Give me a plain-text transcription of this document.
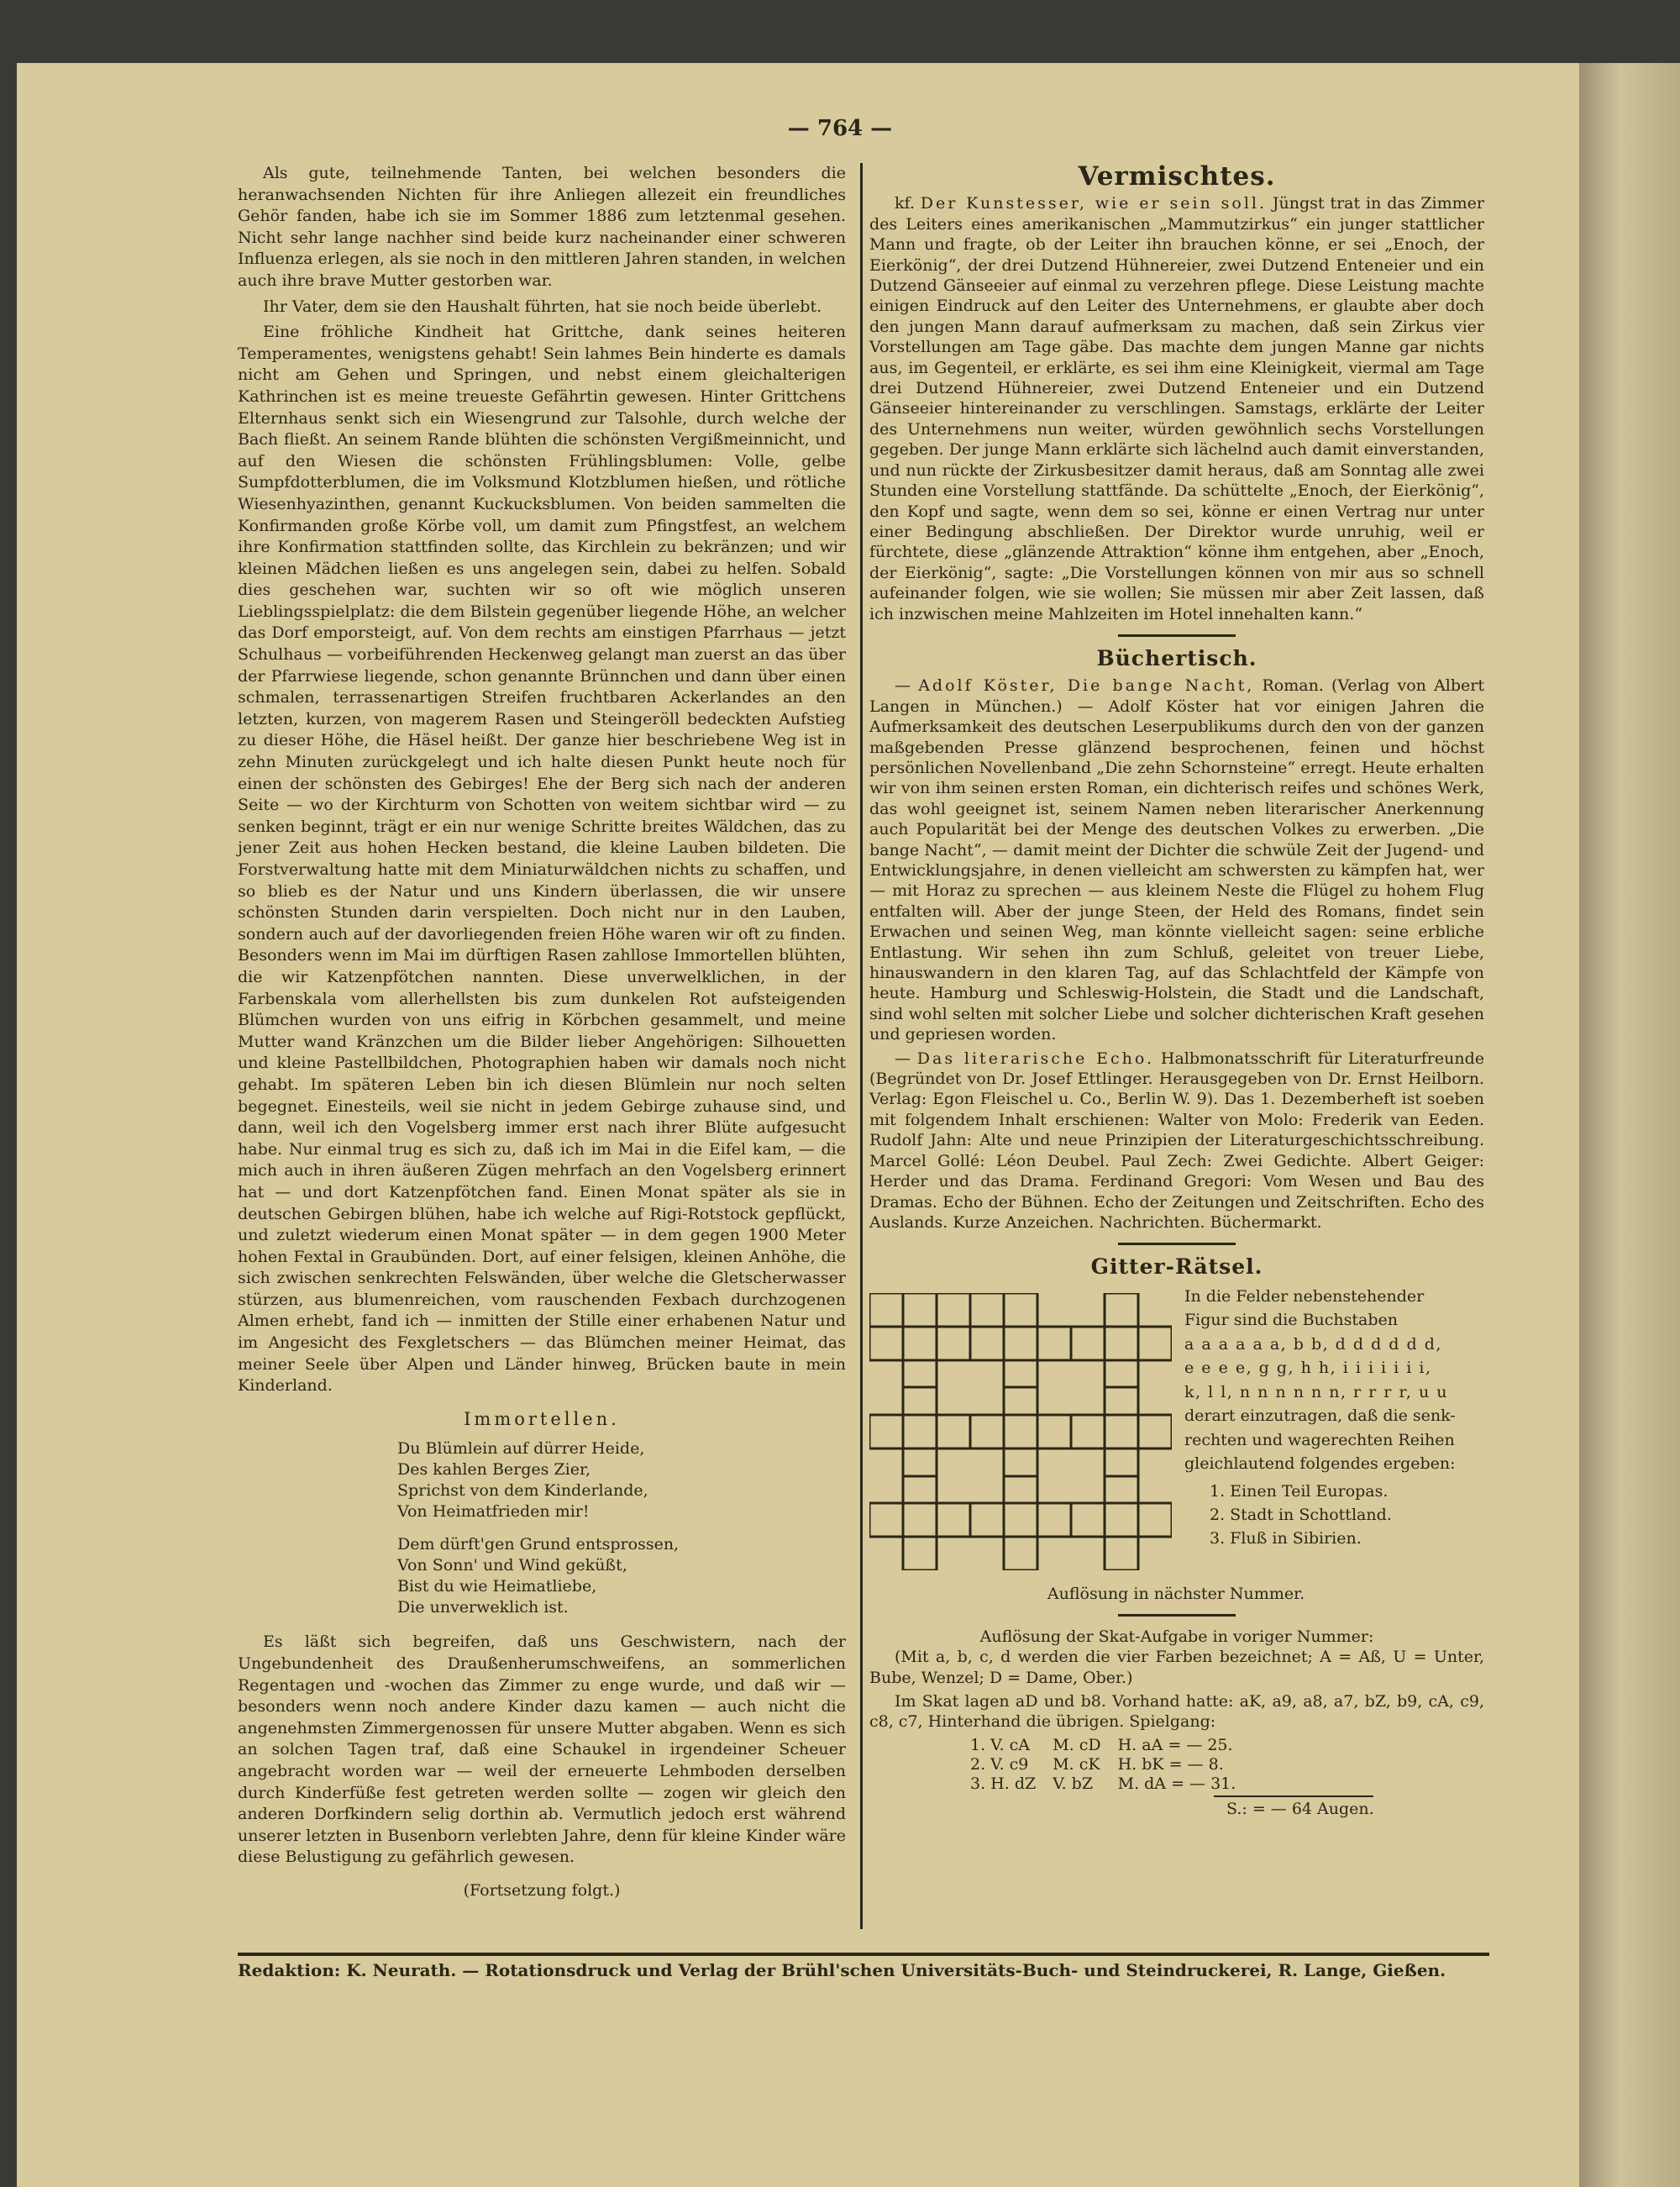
— 764 —

Als gute, teilnehmende Tanten, bei welchen besonders die heranwachsenden Nichten für ihre Anliegen allezeit ein freundliches Gehör fanden, habe ich sie im Sommer 1886 zum letztenmal gesehen. Nicht sehr lange nachher sind beide kurz nacheinander einer schweren Influenza erlegen, als sie noch in den mittleren Jahren standen, in welchen auch ihre brave Mutter gestorben war.

Ihr Vater, dem sie den Haushalt führten, hat sie noch beide überlebt.

Eine fröhliche Kindheit hat Grittche, dank seines heiteren Temperamentes, wenigstens gehabt! Sein lahmes Bein hinderte es damals nicht am Gehen und Springen, und nebst einem gleichalterigen Kathrinchen ist es meine treueste Gefährtin gewesen. Hinter Grittchens Elternhaus senkt sich ein Wiesengrund zur Talsohle, durch welche der Bach fließt. An seinem Rande blühten die schönsten Vergißmeinnicht, und auf den Wiesen die schönsten Frühlingsblumen: Volle, gelbe Sumpfdotterblumen, die im Volksmund Klotzblumen hießen, und rötliche Wiesenhyazinthen, genannt Kuckucksblumen. Von beiden sammelten die Konfirmanden große Körbe voll, um damit zum Pfingstfest, an welchem ihre Konfirmation stattfinden sollte, das Kirchlein zu bekränzen; und wir kleinen Mädchen ließen es uns angelegen sein, dabei zu helfen. Sobald dies geschehen war, suchten wir so oft wie möglich unseren Lieblingsspielplatz: die dem Bilstein gegenüber liegende Höhe, an welcher das Dorf emporsteigt, auf. Von dem rechts am einstigen Pfarrhaus — jetzt Schulhaus — vorbeiführenden Heckenweg gelangt man zuerst an das über der Pfarrwiese liegende, schon genannte Brünnchen und dann über einen schmalen, terrassenartigen Streifen fruchtbaren Ackerlandes an den letzten, kurzen, von magerem Rasen und Steingeröll bedeckten Aufstieg zu dieser Höhe, die Häsel heißt. Der ganze hier beschriebene Weg ist in zehn Minuten zurückgelegt und ich halte diesen Punkt heute noch für einen der schönsten des Gebirges! Ehe der Berg sich nach der anderen Seite — wo der Kirchturm von Schotten von weitem sichtbar wird — zu senken beginnt, trägt er ein nur wenige Schritte breites Wäldchen, das zu jener Zeit aus hohen Hecken bestand, die kleine Lauben bildeten. Die Forstverwaltung hatte mit dem Miniaturwäldchen nichts zu schaffen, und so blieb es der Natur und uns Kindern überlassen, die wir unsere schönsten Stunden darin verspielten. Doch nicht nur in den Lauben, sondern auch auf der davorliegenden freien Höhe waren wir oft zu finden. Besonders wenn im Mai im dürftigen Rasen zahllose Immortellen blühten, die wir Katzenpfötchen nannten. Diese unverwelklichen, in der Farbenskala vom allerhellsten bis zum dunkelen Rot aufsteigenden Blümchen wurden von uns eifrig in Körbchen gesammelt, und meine Mutter wand Kränzchen um die Bilder lieber Angehörigen: Silhouetten und kleine Pastellbildchen, Photographien haben wir damals noch nicht gehabt. Im späteren Leben bin ich diesen Blümlein nur noch selten begegnet. Einesteils, weil sie nicht in jedem Gebirge zuhause sind, und dann, weil ich den Vogelsberg immer erst nach ihrer Blüte aufgesucht habe. Nur einmal trug es sich zu, daß ich im Mai in die Eifel kam, — die mich auch in ihren äußeren Zügen mehrfach an den Vogelsberg erinnert hat — und dort Katzenpfötchen fand. Einen Monat später als sie in deutschen Gebirgen blühen, habe ich welche auf Rigi-Rotstock gepflückt, und zuletzt wiederum einen Monat später — in dem gegen 1900 Meter hohen Fextal in Graubünden. Dort, auf einer felsigen, kleinen Anhöhe, die sich zwischen senkrechten Felswänden, über welche die Gletscherwasser stürzen, aus blumenreichen, vom rauschenden Fexbach durchzogenen Almen erhebt, fand ich — inmitten der Stille einer erhabenen Natur und im Angesicht des Fexgletschers — das Blümchen meiner Heimat, das meiner Seele über Alpen und Länder hinweg, Brücken baute in mein Kinderland.

Immortellen.
Du Blümlein auf dürrer Heide,
Des kahlen Berges Zier,
Sprichst von dem Kinderlande,
Von Heimatfrieden mir!
Dem dürft'gen Grund entsprossen,
Von Sonn' und Wind geküßt,
Bist du wie Heimatliebe,
Die unverweklich ist.

Es läßt sich begreifen, daß uns Geschwistern, nach der Ungebundenheit des Draußenherumschweifens, an sommerlichen Regentagen und -wochen das Zimmer zu enge wurde, und daß wir — besonders wenn noch andere Kinder dazu kamen — auch nicht die angenehmsten Zimmergenossen für unsere Mutter abgaben. Wenn es sich an solchen Tagen traf, daß eine Schaukel in irgendeiner Scheuer angebracht worden war — weil der erneuerte Lehmboden derselben durch Kinderfüße fest getreten werden sollte — zogen wir gleich den anderen Dorfkindern selig dorthin ab. Vermutlich jedoch erst während unserer letzten in Busenborn verlebten Jahre, denn für kleine Kinder wäre diese Belustigung zu gefährlich gewesen.

(Fortsetzung folgt.)
Vermischtes.

kf. Der Kunstesser, wie er sein soll. Jüngst trat in das Zimmer des Leiters eines amerikanischen „Mammutzirkus“ ein junger stattlicher Mann und fragte, ob der Leiter ihn brauchen könne, er sei „Enoch, der Eierkönig“, der drei Dutzend Hühnereier, zwei Dutzend Enteneier und ein Dutzend Gänseeier auf einmal zu verzehren pflege. Diese Leistung machte einigen Eindruck auf den Leiter des Unternehmens, er glaubte aber doch den jungen Mann darauf aufmerksam zu machen, daß sein Zirkus vier Vorstellungen am Tage gäbe. Das machte dem jungen Manne gar nichts aus, im Gegenteil, er erklärte, es sei ihm eine Kleinigkeit, viermal am Tage drei Dutzend Hühnereier, zwei Dutzend Enteneier und ein Dutzend Gänseeier hintereinander zu verschlingen. Samstags, erklärte der Leiter des Unternehmens nun weiter, würden gewöhnlich sechs Vorstellungen gegeben. Der junge Mann erklärte sich lächelnd auch damit einverstanden, und nun rückte der Zirkusbesitzer damit heraus, daß am Sonntag alle zwei Stunden eine Vorstellung stattfände. Da schüttelte „Enoch, der Eierkönig“, den Kopf und sagte, wenn dem so sei, könne er einen Vertrag nur unter einer Bedingung abschließen. Der Direktor wurde unruhig, weil er fürchtete, diese „glänzende Attraktion“ könne ihm entgehen, aber „Enoch, der Eierkönig“, sagte: „Die Vorstellungen können von mir aus so schnell aufeinander folgen, wie sie wollen; Sie müssen mir aber Zeit lassen, daß ich inzwischen meine Mahlzeiten im Hotel innehalten kann.“

Büchertisch.

— Adolf Köster, Die bange Nacht, Roman. (Verlag von Albert Langen in München.) — Adolf Köster hat vor einigen Jahren die Aufmerksamkeit des deutschen Leserpublikums durch den von der ganzen maßgebenden Presse glänzend besprochenen, feinen und höchst persönlichen Novellenband „Die zehn Schornsteine“ erregt. Heute erhalten wir von ihm seinen ersten Roman, ein dichterisch reifes und schönes Werk, das wohl geeignet ist, seinem Namen neben literarischer Anerkennung auch Popularität bei der Menge des deutschen Volkes zu erwerben. „Die bange Nacht“, — damit meint der Dichter die schwüle Zeit der Jugend- und Entwicklungsjahre, in denen vielleicht am schwersten zu kämpfen hat, wer — mit Horaz zu sprechen — aus kleinem Neste die Flügel zu hohem Flug entfalten will. Aber der junge Steen, der Held des Romans, findet sein Erwachen und seinen Weg, man könnte vielleicht sagen: seine erbliche Entlastung. Wir sehen ihn zum Schluß, geleitet von treuer Liebe, hinauswandern in den klaren Tag, auf das Schlachtfeld der Kämpfe von heute. Hamburg und Schleswig-Holstein, die Stadt und die Landschaft, sind wohl selten mit solcher Liebe und solcher dichterischen Kraft gesehen und gepriesen worden.

— Das literarische Echo. Halbmonatsschrift für Literaturfreunde (Begründet von Dr. Josef Ettlinger. Herausgegeben von Dr. Ernst Heilborn. Verlag: Egon Fleischel u. Co., Berlin W. 9). Das 1. Dezemberheft ist soeben mit folgendem Inhalt erschienen: Walter von Molo: Frederik van Eeden. Rudolf Jahn: Alte und neue Prinzipien der Literaturgeschichtsschreibung. Marcel Gollé: Léon Deubel. Paul Zech: Zwei Gedichte. Albert Geiger: Herder und das Drama. Ferdinand Gregori: Vom Wesen und Bau des Dramas. Echo der Bühnen. Echo der Zeitungen und Zeitschriften. Echo des Auslands. Kurze Anzeichen. Nachrichten. Büchermarkt.

Gitter-Rätsel.
In die Felder nebenstehender
Figur sind die Buchstaben
a a a a a a, b b, d d d d d d,
e e e e, g g, h h, i i i i i i i,
k, l l, n n n n n n, r r r r, u u
derart einzutragen, daß die senk-
rechten und wagerechten Reihen
gleichlautend folgendes ergeben:
1. Einen Teil Europas.
2. Stadt in Schottland.
3. Fluß in Sibirien.
Auflösung in nächster Nummer.
Auflösung der Skat-Aufgabe in voriger Nummer:

(Mit a, b, c, d werden die vier Farben bezeichnet; A = Aß, U = Unter, Bube, Wenzel; D = Dame, Ober.)

Im Skat lagen aD und b8. Vorhand hatte: aK, a9, a8, a7, bZ, b9, cA, c9, c8, c7, Hinterhand die übrigen. Spielgang:

1. V. cA	M. cD	H. aA = — 25.
2. V. c9	M. cK	H. bK = — 8.
3. H. dZ	V. bZ	M. dA = — 31.
S.: = — 64 Augen.
Redaktion: K. Neurath. — Rotationsdruck und Verlag der Brühl'schen Universitäts-Buch- und Steindruckerei, R. Lange, Gießen.
